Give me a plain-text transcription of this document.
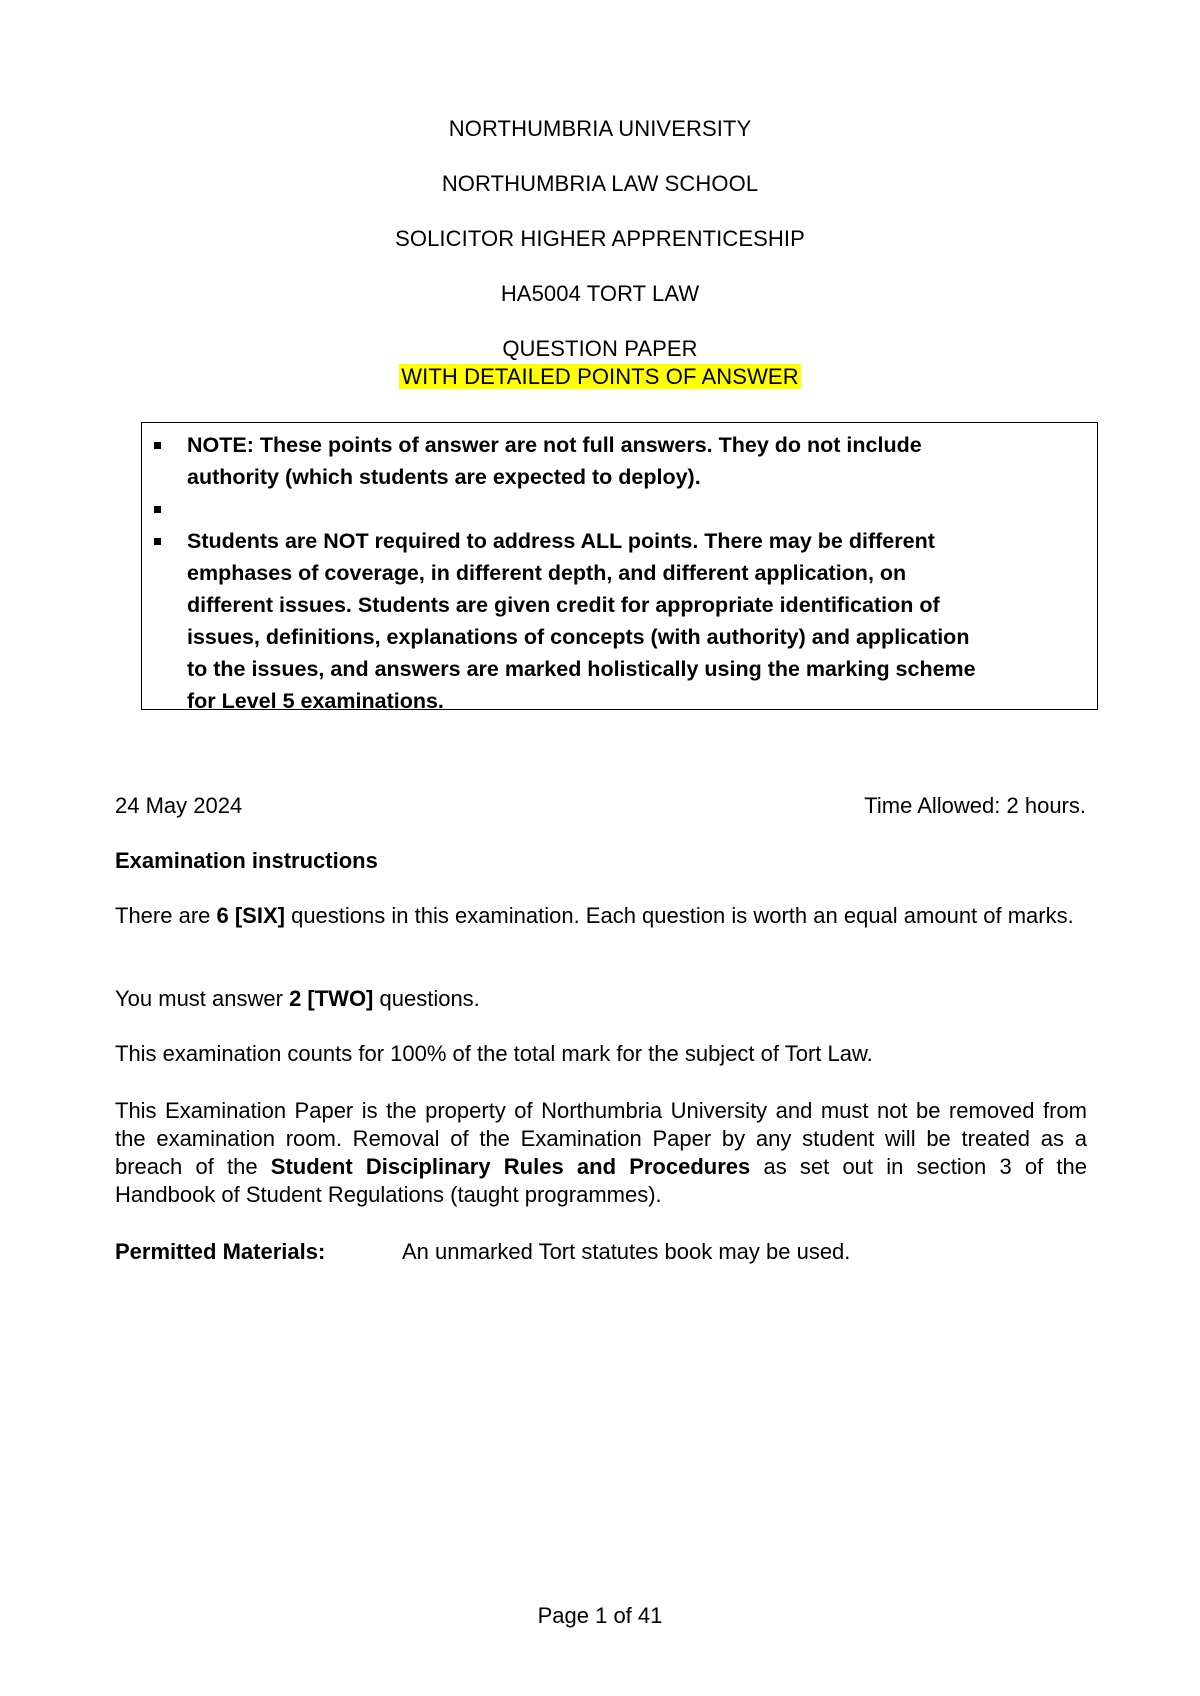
NORTHUMBRIA UNIVERSITY
NORTHUMBRIA LAW SCHOOL
SOLICITOR HIGHER APPRENTICESHIP
HA5004 TORT LAW
QUESTION PAPER
WITH DETAILED POINTS OF ANSWER
NOTE: These points of answer are not full answers. They do not include
authority (which students are expected to deploy).
Students are NOT required to address ALL points. There may be different
emphases of coverage, in different depth, and different application, on
different issues. Students are given credit for appropriate identification of
issues, definitions, explanations of concepts (with authority) and application
to the issues, and answers are marked holistically using the marking scheme
for Level 5 examinations.
24 May 2024	Time Allowed: 2 hours.
Examination instructions
There are 6 [SIX] questions in this examination. Each question is worth an equal amount of marks.
You must answer 2 [TWO] questions.
This examination counts for 100% of the total mark for the subject of Tort Law.
This Examination Paper is the property of Northumbria University and must not be removed from the examination room. Removal of the Examination Paper by any student will be treated as a breach of the Student Disciplinary Rules and Procedures as set out in section 3 of the Handbook of Student Regulations (taught programmes).
Permitted Materials:	An unmarked Tort statutes book may be used.
Page 1 of 41
